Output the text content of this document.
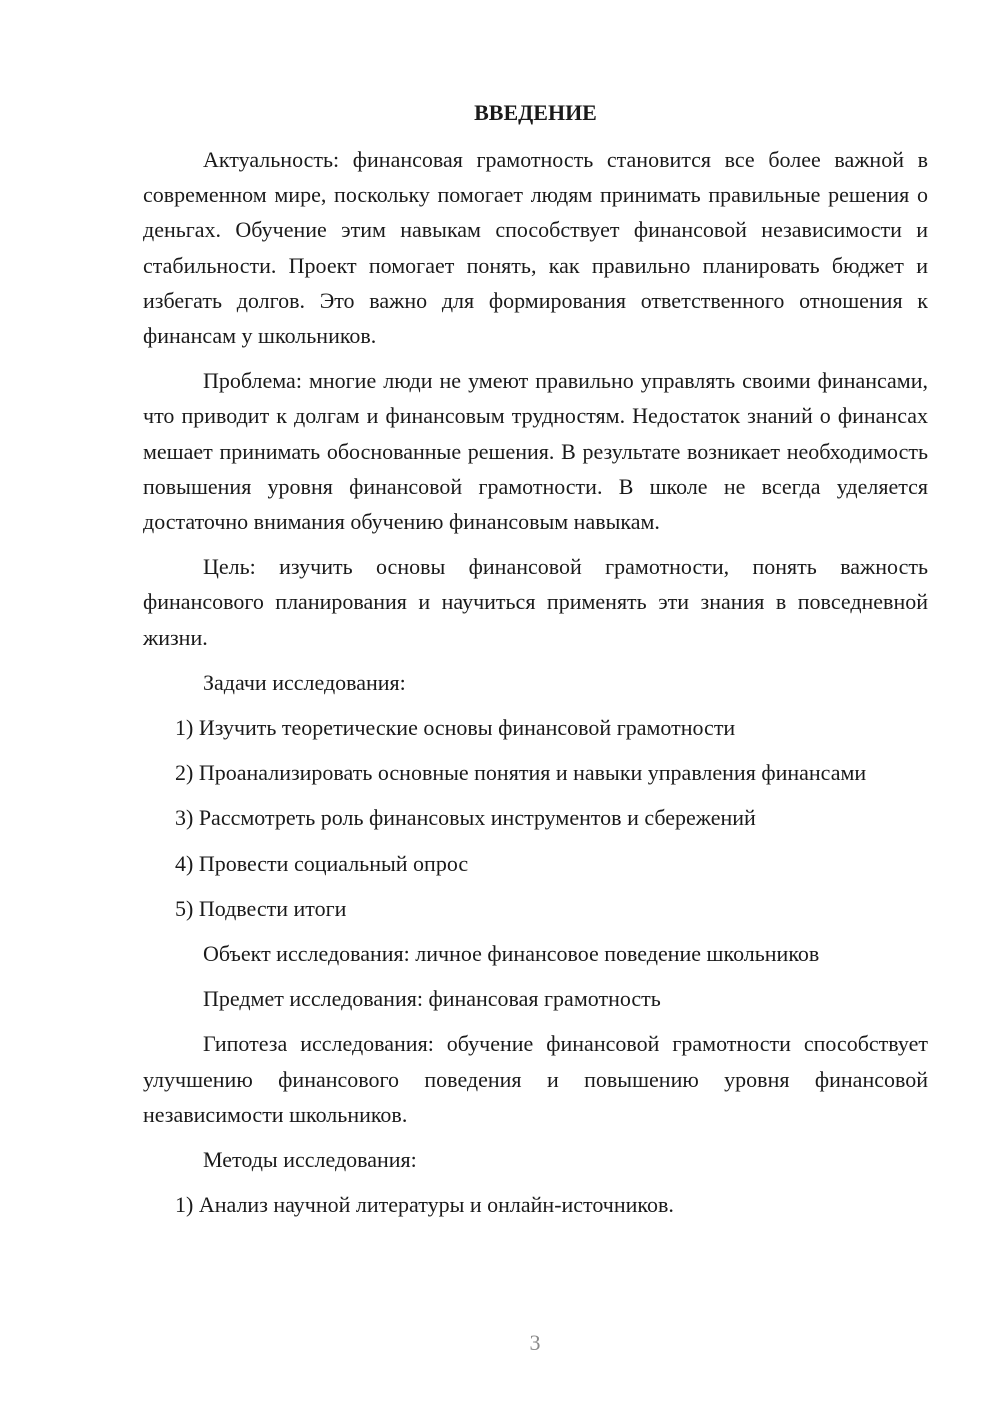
ВВЕДЕНИЕ

Актуальность: финансовая грамотность становится все более важной в современном мире, поскольку помогает людям принимать правильные решения о деньгах. Обучение этим навыкам способствует финансовой независимости и стабильности. Проект помогает понять, как правильно планировать бюджет и избегать долгов. Это важно для формирования ответственного отношения к финансам у школьников.

Проблема: многие люди не умеют правильно управлять своими финансами, что приводит к долгам и финансовым трудностям. Недостаток знаний о финансах мешает принимать обоснованные решения. В результате возникает необходимость повышения уровня финансовой грамотности. В школе не всегда уделяется достаточно внимания обучению финансовым навыкам.

Цель: изучить основы финансовой грамотности, понять важность финансового планирования и научиться применять эти знания в повседневной жизни.

Задачи исследования:

1) Изучить теоретические основы финансовой грамотности

2) Проанализировать основные понятия и навыки управления финансами

3) Рассмотреть роль финансовых инструментов и сбережений

4) Провести социальный опрос

5) Подвести итоги

Объект исследования: личное финансовое поведение школьников

Предмет исследования: финансовая грамотность

Гипотеза исследования: обучение финансовой грамотности способствует улучшению финансового поведения и повышению уровня финансовой независимости школьников.

Методы исследования:

1) Анализ научной литературы и онлайн-источников.

3
